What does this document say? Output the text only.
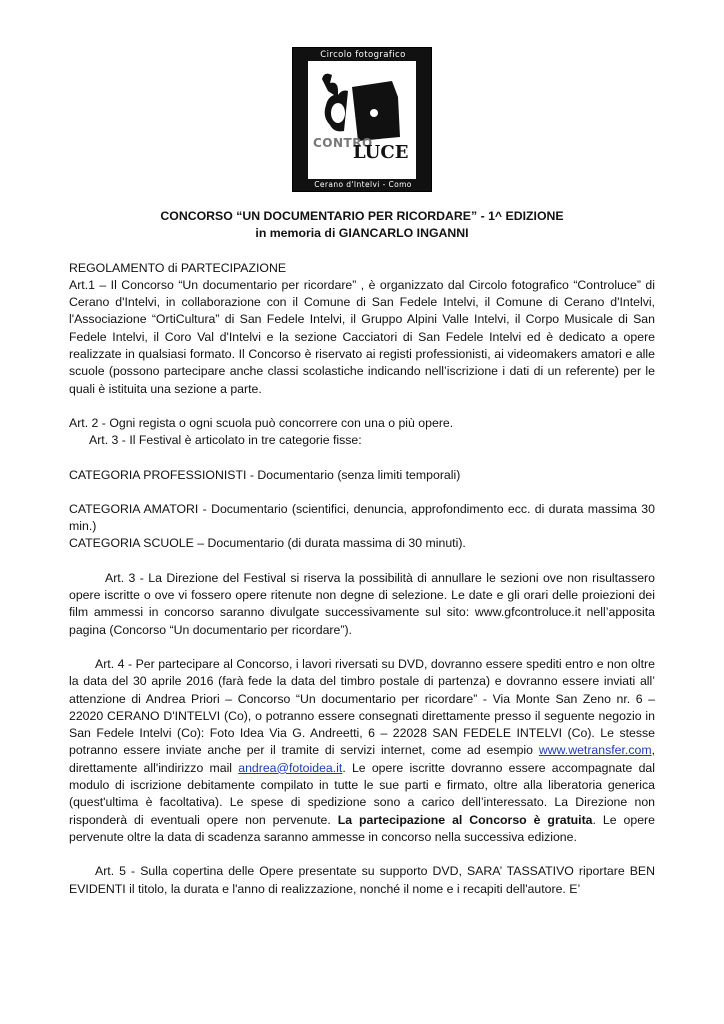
Circolo fotografico
CONTRO
LUCE
Cerano d'Intelvi - Como

CONCORSO “UN DOCUMENTARIO PER RICORDARE” - 1^ EDIZIONE

in memoria di GIANCARLO INGANNI

REGOLAMENTO di PARTECIPAZIONE

Art.1 – Il Concorso “Un documentario per ricordare” , è organizzato dal Circolo fotografico “Controluce” di Cerano d'Intelvi, in collaborazione con il Comune di San Fedele Intelvi, il Comune di Cerano d'Intelvi, l'Associazione “OrtiCultura” di San Fedele Intelvi, il Gruppo Alpini Valle Intelvi, il Corpo Musicale di San Fedele Intelvi, il Coro Val d'Intelvi e la sezione Cacciatori di San Fedele Intelvi ed è dedicato a opere realizzate in qualsiasi formato. Il Concorso è riservato ai registi professionisti, ai videomakers amatori e alle scuole (possono partecipare anche classi scolastiche indicando nell’iscrizione i dati di un referente) per le quali è istituita una sezione a parte.

Art. 2 - Ogni regista o ogni scuola può concorrere con una o più opere.

Art. 3 - Il Festival è articolato in tre categorie fisse:

CATEGORIA PROFESSIONISTI - Documentario (senza limiti temporali)

CATEGORIA AMATORI - Documentario (scientifici, denuncia, approfondimento ecc. di durata massima 30 min.)

CATEGORIA SCUOLE – Documentario (di durata massima di 30 minuti).

Art. 3 - La Direzione del Festival si riserva la possibilità di annullare le sezioni ove non risultassero opere iscritte o ove vi fossero opere ritenute non degne di selezione. Le date e gli orari delle proiezioni dei film ammessi in concorso saranno divulgate successivamente sul sito: www.gfcontroluce.it nell’apposita pagina (Concorso “Un documentario per ricordare”).

Art. 4 - Per partecipare al Concorso, i lavori riversati su DVD, dovranno essere spediti entro e non oltre la data del 30 aprile 2016 (farà fede la data del timbro postale di partenza) e dovranno essere inviati all’ attenzione di Andrea Priori – Concorso “Un documentario per ricordare” - Via Monte San Zeno nr. 6 – 22020 CERANO D'INTELVI (Co), o potranno essere consegnati direttamente presso il seguente negozio in San Fedele Intelvi (Co): Foto Idea Via G. Andreetti, 6 – 22028 SAN FEDELE INTELVI (Co). Le stesse potranno essere inviate anche per il tramite di servizi internet, come ad esempio www.wetransfer.com, direttamente all'indirizzo mail andrea@fotoidea.it. Le opere iscritte dovranno essere accompagnate dal modulo di iscrizione debitamente compilato in tutte le sue parti e firmato, oltre alla liberatoria generica (quest'ultima è facoltativa). Le spese di spedizione sono a carico dell’interessato. La Direzione non risponderà di eventuali opere non pervenute. La partecipazione al Concorso è gratuita. Le opere pervenute oltre la data di scadenza saranno ammesse in concorso nella successiva edizione.

Art. 5 - Sulla copertina delle Opere presentate su supporto DVD, SARA’ TASSATIVO riportare BEN EVIDENTI il titolo, la durata e l'anno di realizzazione, nonché il nome e i recapiti dell'autore. E’
